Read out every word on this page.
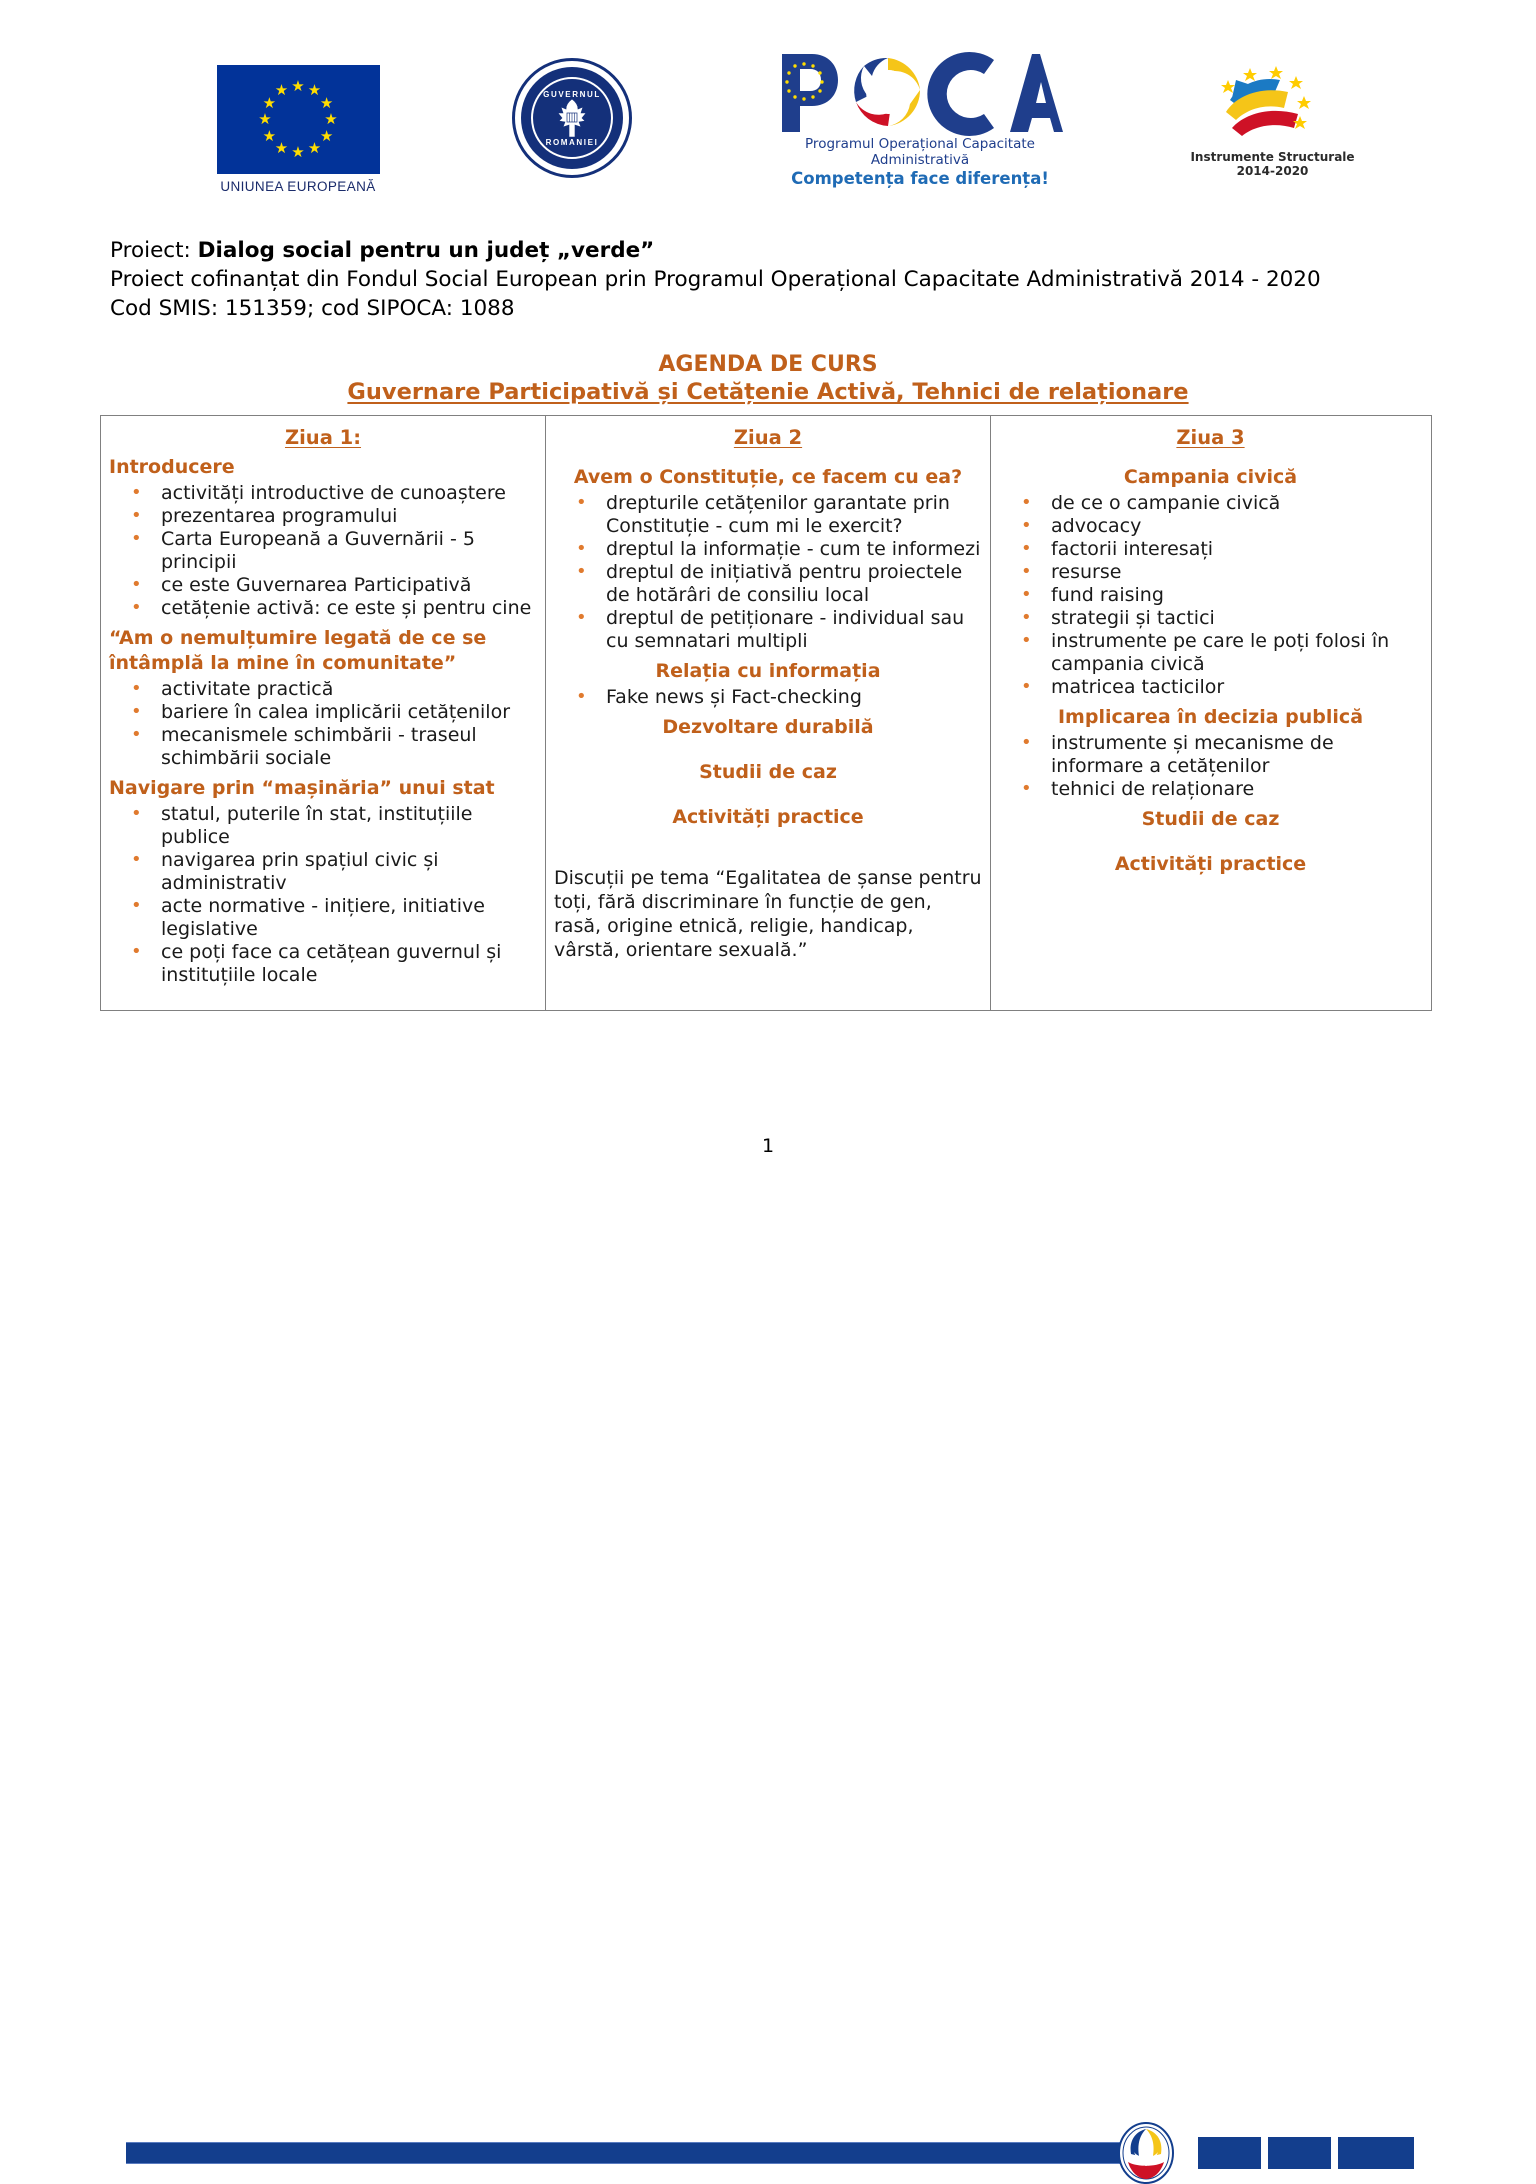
★ ★
★
★
★
★
★
★
★
★
★
★
UNIUNEA EUROPEANĂ
GUVERNUL
ROMANIEI	Programul Operațional Capacitate Administrativă
Competența face diferența!
Instrumente Structurale
2014-2020
Proiect: Dialog social pentru un județ „verde”
Proiect cofinanțat din Fondul Social European prin Programul Operațional Capacitate Administrativă 2014 - 2020
Cod SMIS: 151359; cod SIPOCA: 1088
AGENDA DE CURS
Guvernare Participativă și Cetățenie Activă, Tehnici de relaționare
Ziua 1:
Introducere
• activități introductive de cunoaștere
• prezentarea programului
• Carta Europeană a Guvernării - 5 principii
• ce este Guvernarea Participativă
• cetățenie activă: ce este și pentru cine
“Am o nemulțumire legată de ce se întâmplă la mine în comunitate”
• activitate practică
• bariere în calea implicării cetățenilor
• mecanismele schimbării - traseul schimbării sociale
Navigare prin “mașinăria” unui stat
• statul, puterile în stat, instituțiile publice
• navigarea prin spațiul civic și administrativ
• acte normative - inițiere, initiative legislative
• ce poți face ca cetățean guvernul și instituțiile locale
Ziua 2
Avem o Constituție, ce facem cu ea?
• drepturile cetățenilor garantate prin Constituție - cum mi le exercit?
• dreptul la informație - cum te informezi
• dreptul de inițiativă pentru proiectele de hotărâri de consiliu local
• dreptul de petiționare - individual sau cu semnatari multipli
Relația cu informația
• Fake news și Fact-checking
Dezvoltare durabilă
Studii de caz
Activități practice
Discuții pe tema “Egalitatea de șanse pentru toți, fără discriminare în funcție de gen, rasă, origine etnică, religie, handicap, vârstă, orientare sexuală.”
Ziua 3
Campania civică
• de ce o campanie civică
• advocacy
• factorii interesați
• resurse
• fund raising
• strategii și tactici
• instrumente pe care le poți folosi în campania civică
• matricea tacticilor
Implicarea în decizia publică
• instrumente și mecanisme de informare a cetățenilor
• tehnici de relaționare
Studii de caz
Activități practice
1
